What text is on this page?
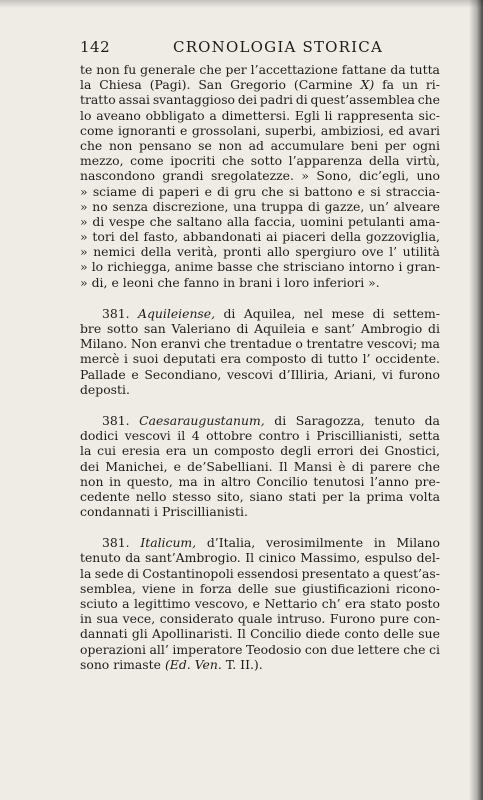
142	CRONOLOGIA STORICA
te non fu generale che per l’accettazione fattane da tutta
la Chiesa (Pagi). San Gregorio (Carmine X) fa un ri-
tratto assai svantaggioso dei padri di quest’assemblea che
lo aveano obbligato a dimettersi. Egli li rappresenta sic-
come ignoranti e grossolani, superbi, ambiziosi, ed avari
che non pensano se non ad accumulare beni per ogni
mezzo, come ipocriti che sotto l’apparenza della virtù,
nascondono grandi sregolatezze. » Sono, dic’egli, uno
» sciame di paperi e di gru che si battono e si straccia-
» no senza discrezione, una truppa di gazze, un’ alveare
» di vespe che saltano alla faccia, uomini petulanti ama-
» tori del fasto, abbandonati ai piaceri della gozzoviglia,
» nemici della verità, pronti allo spergiuro ove l’ utilità
» lo richiegga, anime basse che strisciano intorno i gran-
» di, e leoni che fanno in brani i loro inferiori ».
381. Aquileiense, di Aquilea, nel mese di settem-
bre sotto san Valeriano di Aquileia e sant’ Ambrogio di
Milano. Non eranvi che trentadue o trentatre vescovi; ma
mercè i suoi deputati era composto di tutto l’ occidente.
Pallade e Secondiano, vescovi d’Illiria, Ariani, vi furono
deposti.
381. Caesaraugustanum, di Saragozza, tenuto da
dodici vescovi il 4 ottobre contro i Priscillianisti, setta
la cui eresia era un composto degli errori dei Gnostici,
dei Manichei, e de’Sabelliani. Il Mansi è di parere che
non in questo, ma in altro Concilio tenutosi l’anno pre-
cedente nello stesso sito, siano stati per la prima volta
condannati i Priscillianisti.
381. Italicum, d’Italia, verosimilmente in Milano
tenuto da sant’Ambrogio. Il cinico Massimo, espulso del-
la sede di Costantinopoli essendosi presentato a quest’as-
semblea, viene in forza delle sue giustificazioni ricono-
sciuto a legittimo vescovo, e Nettario ch’ era stato posto
in sua vece, considerato quale intruso. Furono pure con-
dannati gli Apollinaristi. Il Concilio diede conto delle sue
operazioni all’ imperatore Teodosio con due lettere che ci
sono rimaste (Ed. Ven. T. II.).
